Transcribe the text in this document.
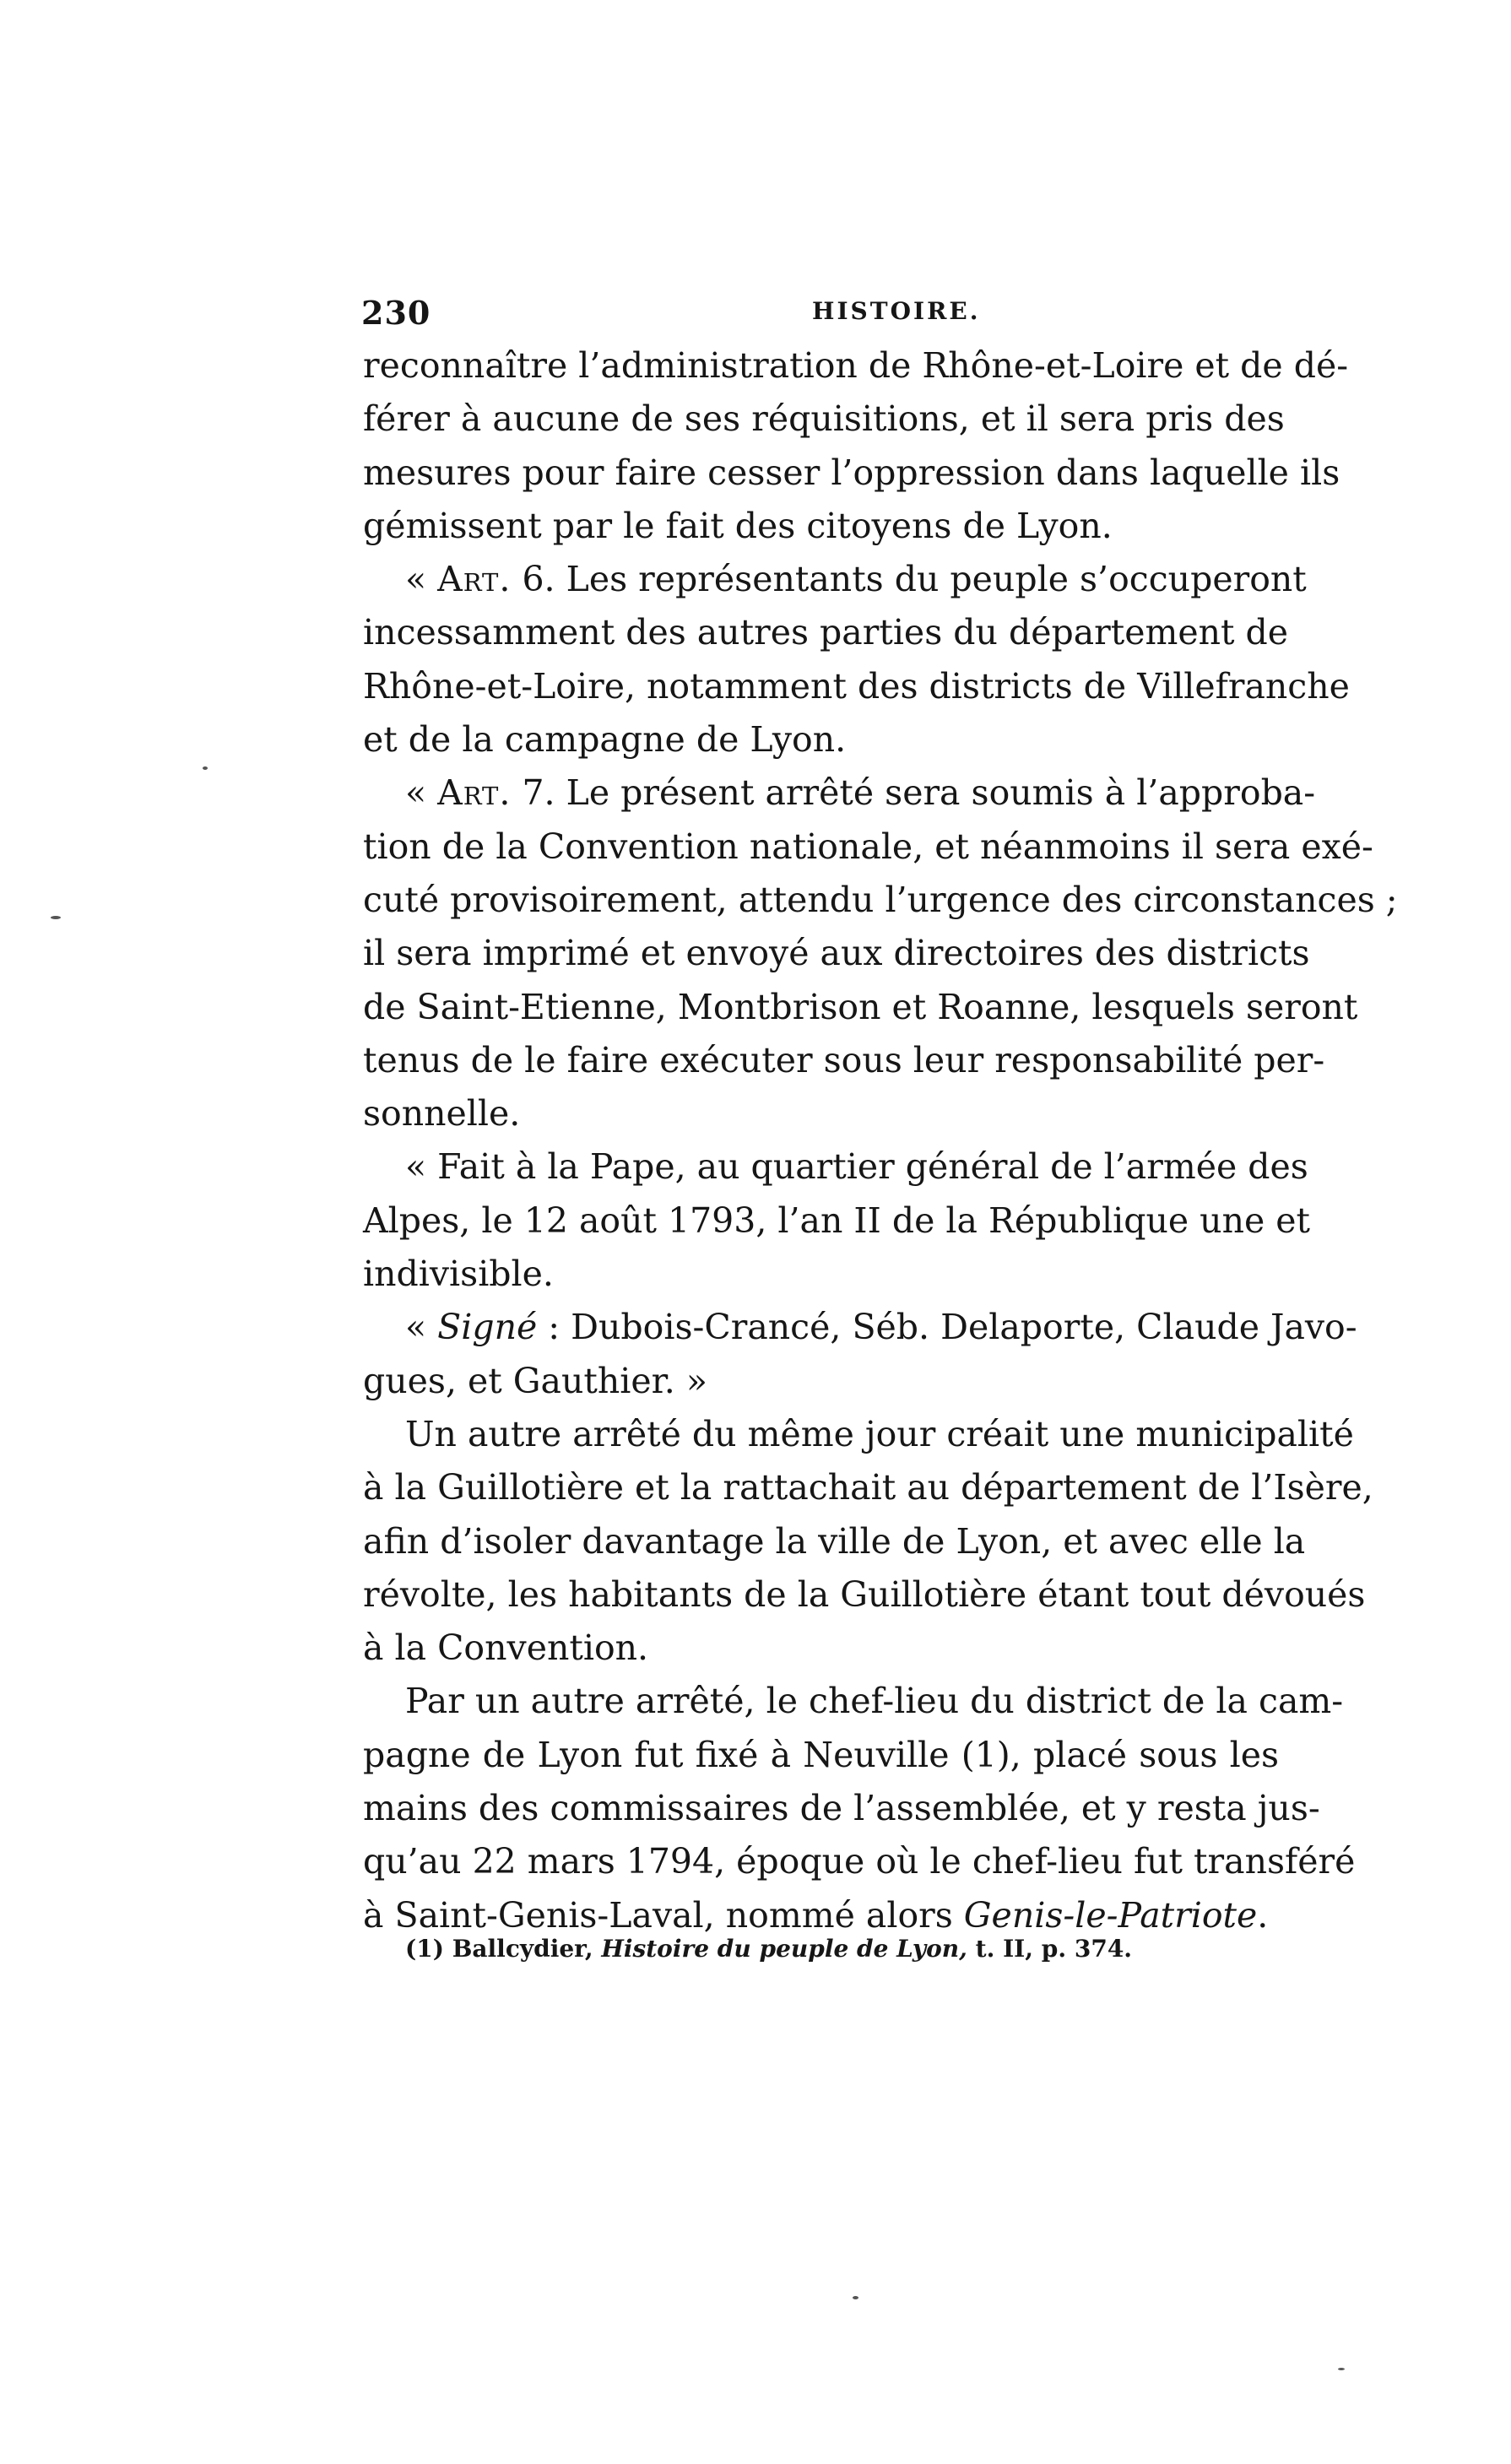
230	HISTOIRE.
reconnaître l’administration de Rhône-et-Loire et de dé-
férer à aucune de ses réquisitions, et il sera pris des
mesures pour faire cesser l’oppression dans laquelle ils
gémissent par le fait des citoyens de Lyon.
« Art. 6. Les représentants du peuple s’occuperont
incessamment des autres parties du département de
Rhône-et-Loire, notamment des districts de Villefranche
et de la campagne de Lyon.
« Art. 7. Le présent arrêté sera soumis à l’approba-
tion de la Convention nationale, et néanmoins il sera exé-
cuté provisoirement, attendu l’urgence des circonstances ;
il sera imprimé et envoyé aux directoires des districts
de Saint-Etienne, Montbrison et Roanne, lesquels seront
tenus de le faire exécuter sous leur responsabilité per-
sonnelle.
« Fait à la Pape, au quartier général de l’armée des
Alpes, le 12 août 1793, l’an II de la République une et
indivisible.
« Signé : Dubois-Crancé, Séb. Delaporte, Claude Javo-
gues, et Gauthier. »
Un autre arrêté du même jour créait une municipalité
à la Guillotière et la rattachait au département de l’Isère,
afin d’isoler davantage la ville de Lyon, et avec elle la
révolte, les habitants de la Guillotière étant tout dévoués
à la Convention.
Par un autre arrêté, le chef-lieu du district de la cam-
pagne de Lyon fut fixé à Neuville (1), placé sous les
mains des commissaires de l’assemblée, et y resta jus-
qu’au 22 mars 1794, époque où le chef-lieu fut transféré
à Saint-Genis-Laval, nommé alors Genis-le-Patriote.
(1) Ballcydier, Histoire du peuple de Lyon, t. II, p. 374.
